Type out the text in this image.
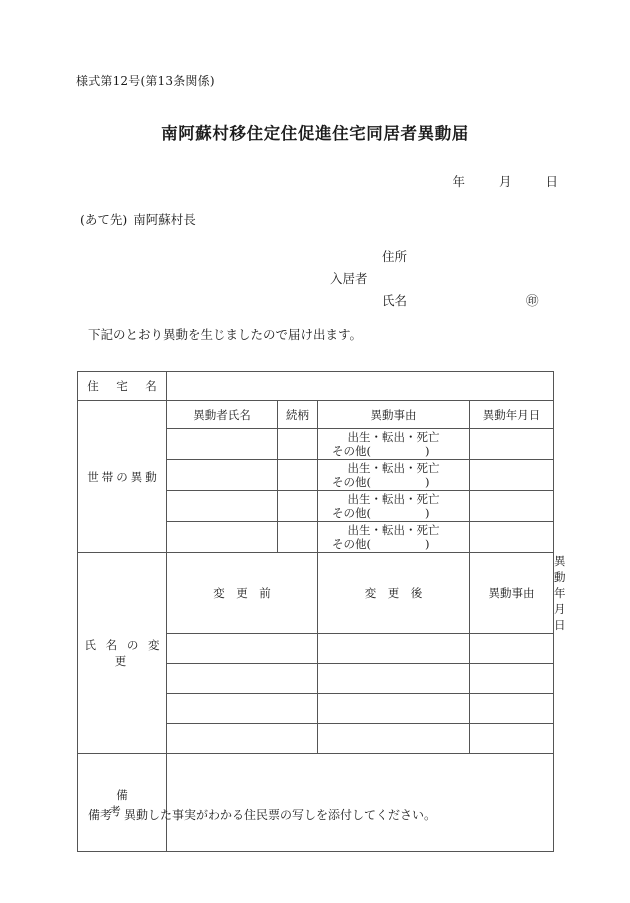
様式第12号(第13条関係)
南阿蘇村移住定住促進住宅同居者異動届
年	月	日
(あて先) 南阿蘇村長
住所
入居者
氏名	㊞
下記のとおり異動を生じましたので届け出ます。
住　宅　名					
世帯の異動	異動者氏名	続柄	異動事由	異動年月日	

			出生・転出・死亡
その他( )		

			出生・転出・死亡
その他( )		

			出生・転出・死亡
その他( )		

			出生・転出・死亡
その他( )		

氏 名 の 変 更	変　更　前		変　更　後	異動事由	異動年月日

備　　　考					
備考 異動した事実がわかる住民票の写しを添付してください。
